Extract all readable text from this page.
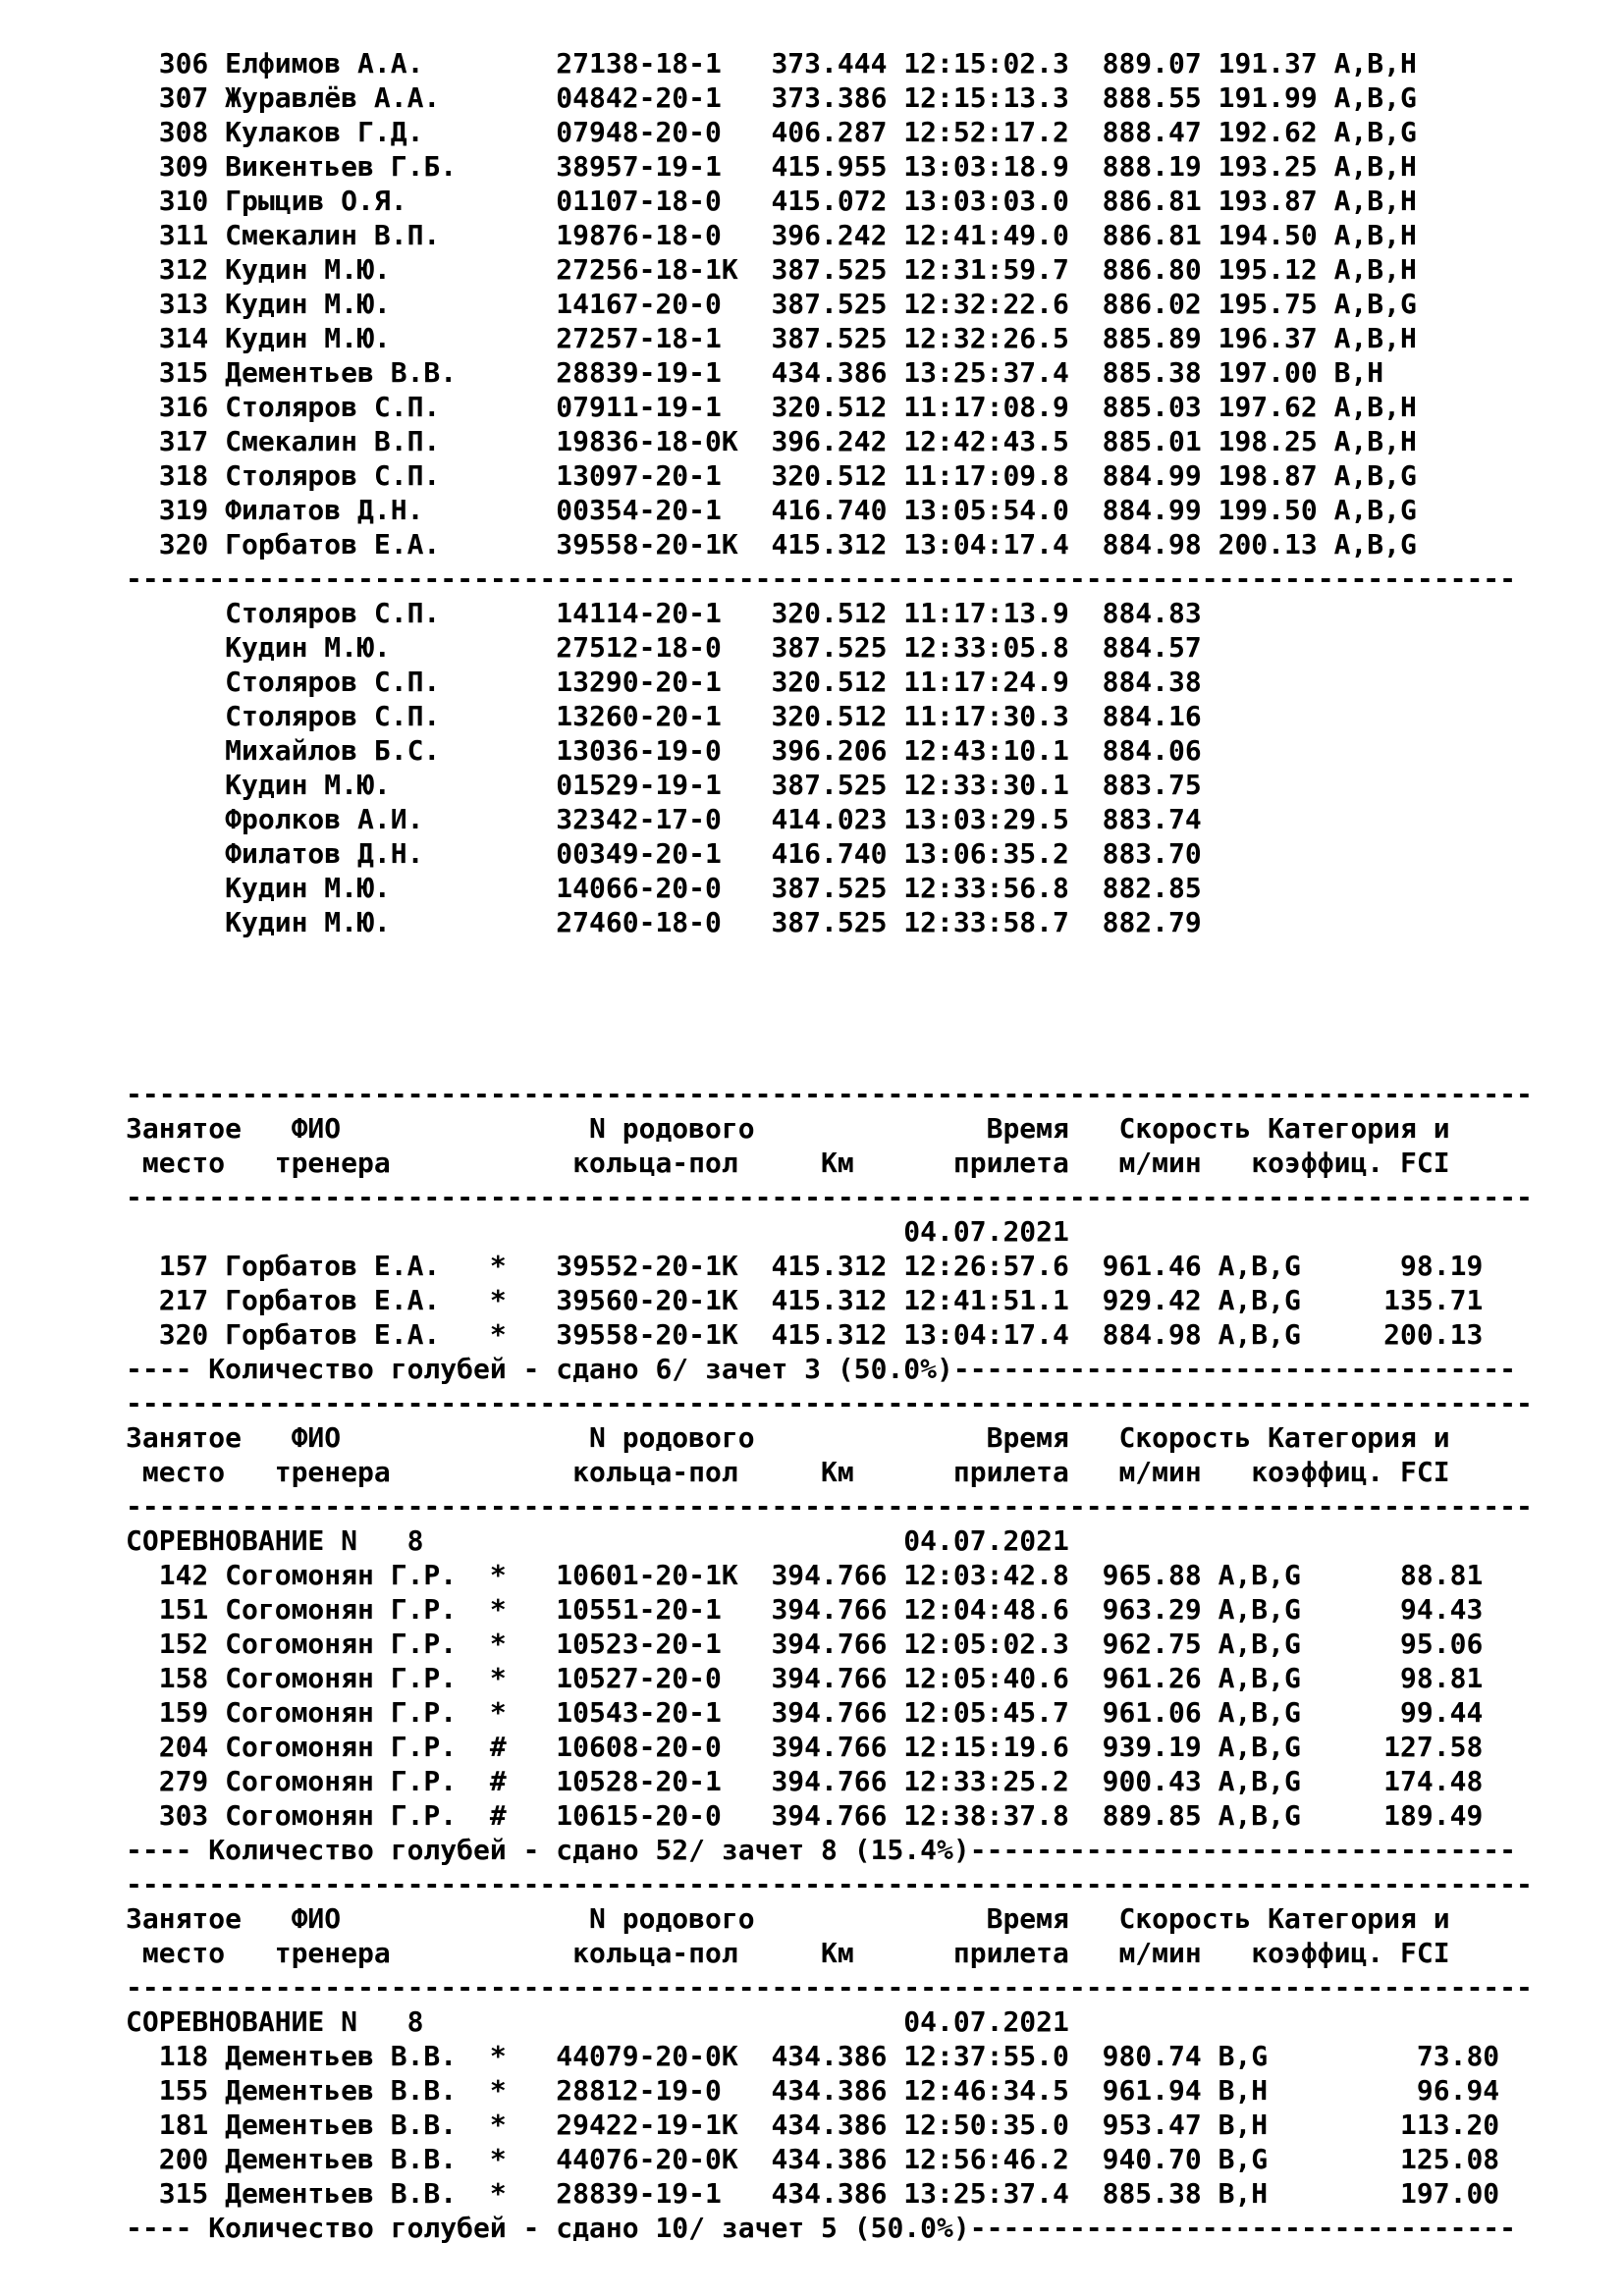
306 Елфимов А.А.        27138-18-1   373.444 12:15:02.3  889.07 191.37 A,B,H
307 Журавлёв А.А.       04842-20-1   373.386 12:15:13.3  888.55 191.99 A,B,G
308 Кулаков Г.Д.        07948-20-0   406.287 12:52:17.2  888.47 192.62 A,B,G
309 Викентьев Г.Б.      38957-19-1   415.955 13:03:18.9  888.19 193.25 A,B,H
310 Грыцив О.Я.         01107-18-0   415.072 13:03:03.0  886.81 193.87 A,B,H
311 Смекалин В.П.       19876-18-0   396.242 12:41:49.0  886.81 194.50 A,B,H
312 Кудин М.Ю.          27256-18-1K  387.525 12:31:59.7  886.80 195.12 A,B,H
313 Кудин М.Ю.          14167-20-0   387.525 12:32:22.6  886.02 195.75 A,B,G
314 Кудин М.Ю.          27257-18-1   387.525 12:32:26.5  885.89 196.37 A,B,H
315 Дементьев В.В.      28839-19-1   434.386 13:25:37.4  885.38 197.00 B,H
316 Столяров С.П.       07911-19-1   320.512 11:17:08.9  885.03 197.62 A,B,H
317 Смекалин В.П.       19836-18-0K  396.242 12:42:43.5  885.01 198.25 A,B,H
318 Столяров С.П.       13097-20-1   320.512 11:17:09.8  884.99 198.87 A,B,G
319 Филатов Д.Н.        00354-20-1   416.740 13:05:54.0  884.99 199.50 A,B,G
320 Горбатов Е.А.       39558-20-1K  415.312 13:04:17.4  884.98 200.13 A,B,G
------------------------------------------------------------------------------------
Столяров С.П.       14114-20-1   320.512 11:17:13.9  884.83
Кудин М.Ю.          27512-18-0   387.525 12:33:05.8  884.57
Столяров С.П.       13290-20-1   320.512 11:17:24.9  884.38
Столяров С.П.       13260-20-1   320.512 11:17:30.3  884.16
Михайлов Б.С.       13036-19-0   396.206 12:43:10.1  884.06
Кудин М.Ю.          01529-19-1   387.525 12:33:30.1  883.75
Фролков А.И.        32342-17-0   414.023 13:03:29.5  883.74
Филатов Д.Н.        00349-20-1   416.740 13:06:35.2  883.70
Кудин М.Ю.          14066-20-0   387.525 12:33:56.8  882.85
Кудин М.Ю.          27460-18-0   387.525 12:33:58.7  882.79
-------------------------------------------------------------------------------------
Занятое   ФИО               N родового              Время   Скорость Категория и
место   тренера           кольца-пол     Км      прилета   м/мин   коэффиц. FCI
-------------------------------------------------------------------------------------
04.07.2021
157 Горбатов Е.А.   *   39552-20-1K  415.312 12:26:57.6  961.46 A,B,G      98.19
217 Горбатов Е.А.   *   39560-20-1K  415.312 12:41:51.1  929.42 A,B,G     135.71
320 Горбатов Е.А.   *   39558-20-1K  415.312 13:04:17.4  884.98 A,B,G     200.13
---- Количество голубей - сдано 6/ зачет 3 (50.0%)----------------------------------
-------------------------------------------------------------------------------------
Занятое   ФИО               N родового              Время   Скорость Категория и
место   тренера           кольца-пол     Км      прилета   м/мин   коэффиц. FCI
-------------------------------------------------------------------------------------
СОРЕВНОВАНИЕ N   8                             04.07.2021
142 Согомонян Г.Р.  *   10601-20-1K  394.766 12:03:42.8  965.88 A,B,G      88.81
151 Согомонян Г.Р.  *   10551-20-1   394.766 12:04:48.6  963.29 A,B,G      94.43
152 Согомонян Г.Р.  *   10523-20-1   394.766 12:05:02.3  962.75 A,B,G      95.06
158 Согомонян Г.Р.  *   10527-20-0   394.766 12:05:40.6  961.26 A,B,G      98.81
159 Согомонян Г.Р.  *   10543-20-1   394.766 12:05:45.7  961.06 A,B,G      99.44
204 Согомонян Г.Р.  #   10608-20-0   394.766 12:15:19.6  939.19 A,B,G     127.58
279 Согомонян Г.Р.  #   10528-20-1   394.766 12:33:25.2  900.43 A,B,G     174.48
303 Согомонян Г.Р.  #   10615-20-0   394.766 12:38:37.8  889.85 A,B,G     189.49
---- Количество голубей - сдано 52/ зачет 8 (15.4%)---------------------------------
-------------------------------------------------------------------------------------
Занятое   ФИО               N родового              Время   Скорость Категория и
место   тренера           кольца-пол     Км      прилета   м/мин   коэффиц. FCI
-------------------------------------------------------------------------------------
СОРЕВНОВАНИЕ N   8                             04.07.2021
118 Дементьев В.В.  *   44079-20-0K  434.386 12:37:55.0  980.74 B,G         73.80
155 Дементьев В.В.  *   28812-19-0   434.386 12:46:34.5  961.94 B,H         96.94
181 Дементьев В.В.  *   29422-19-1K  434.386 12:50:35.0  953.47 B,H        113.20
200 Дементьев В.В.  *   44076-20-0K  434.386 12:56:46.2  940.70 B,G        125.08
315 Дементьев В.В.  *   28839-19-1   434.386 13:25:37.4  885.38 B,H        197.00
---- Количество голубей - сдано 10/ зачет 5 (50.0%)---------------------------------
